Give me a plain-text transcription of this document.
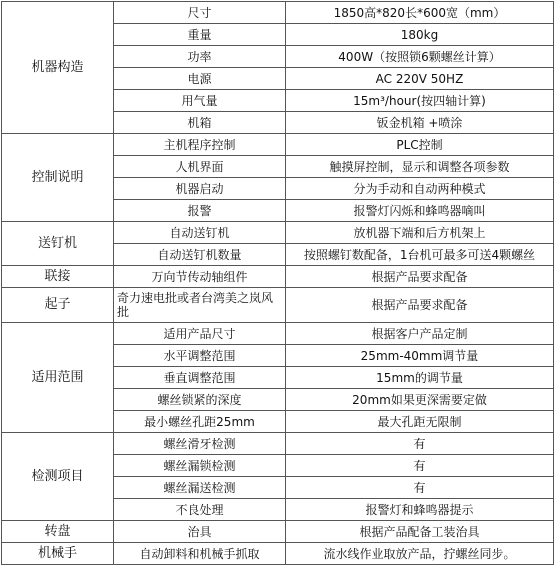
机器构造	尺寸	1850高*820长*600宽（mm）
	重量	180kg
	功率	400W（按照锁6颗螺丝计算）
	电源	AC 220V 50HZ
	用气量	15m³/hour(按四轴计算)
	机箱	钣金机箱 +喷涂
控制说明	主机程序控制	PLC控制
	人机界面	触摸屏控制，显示和调整各项参数
	机器启动	分为手动和自动两种模式
	报警	报警灯闪烁和蜂鸣器嘀叫
送钉机	自动送钉机	放机器下端和后方机架上
	自动送钉机数量	按照螺钉数配备，1台机可最多可送4颗螺丝
联接	万向节传动轴组件	根据产品要求配备
起子	奇力速电批或者台湾美之岚风批	根据产品要求配备
适用范围	适用产品尺寸	根据客户产品定制
	水平调整范围	25mm-40mm调节量
	垂直调整范围	15mm的调节量
	螺丝锁紧的深度	20mm如果更深需要定做
	最小螺丝孔距25mm	最大孔距无限制
检测项目	螺丝滑牙检测	有
	螺丝漏锁检测	有
	螺丝漏送检测	有
	不良处理	报警灯和蜂鸣器提示
转盘	治具	根据产品配备工装治具
机械手	自动卸料和机械手抓取	流水线作业取放产品，拧螺丝同步。
